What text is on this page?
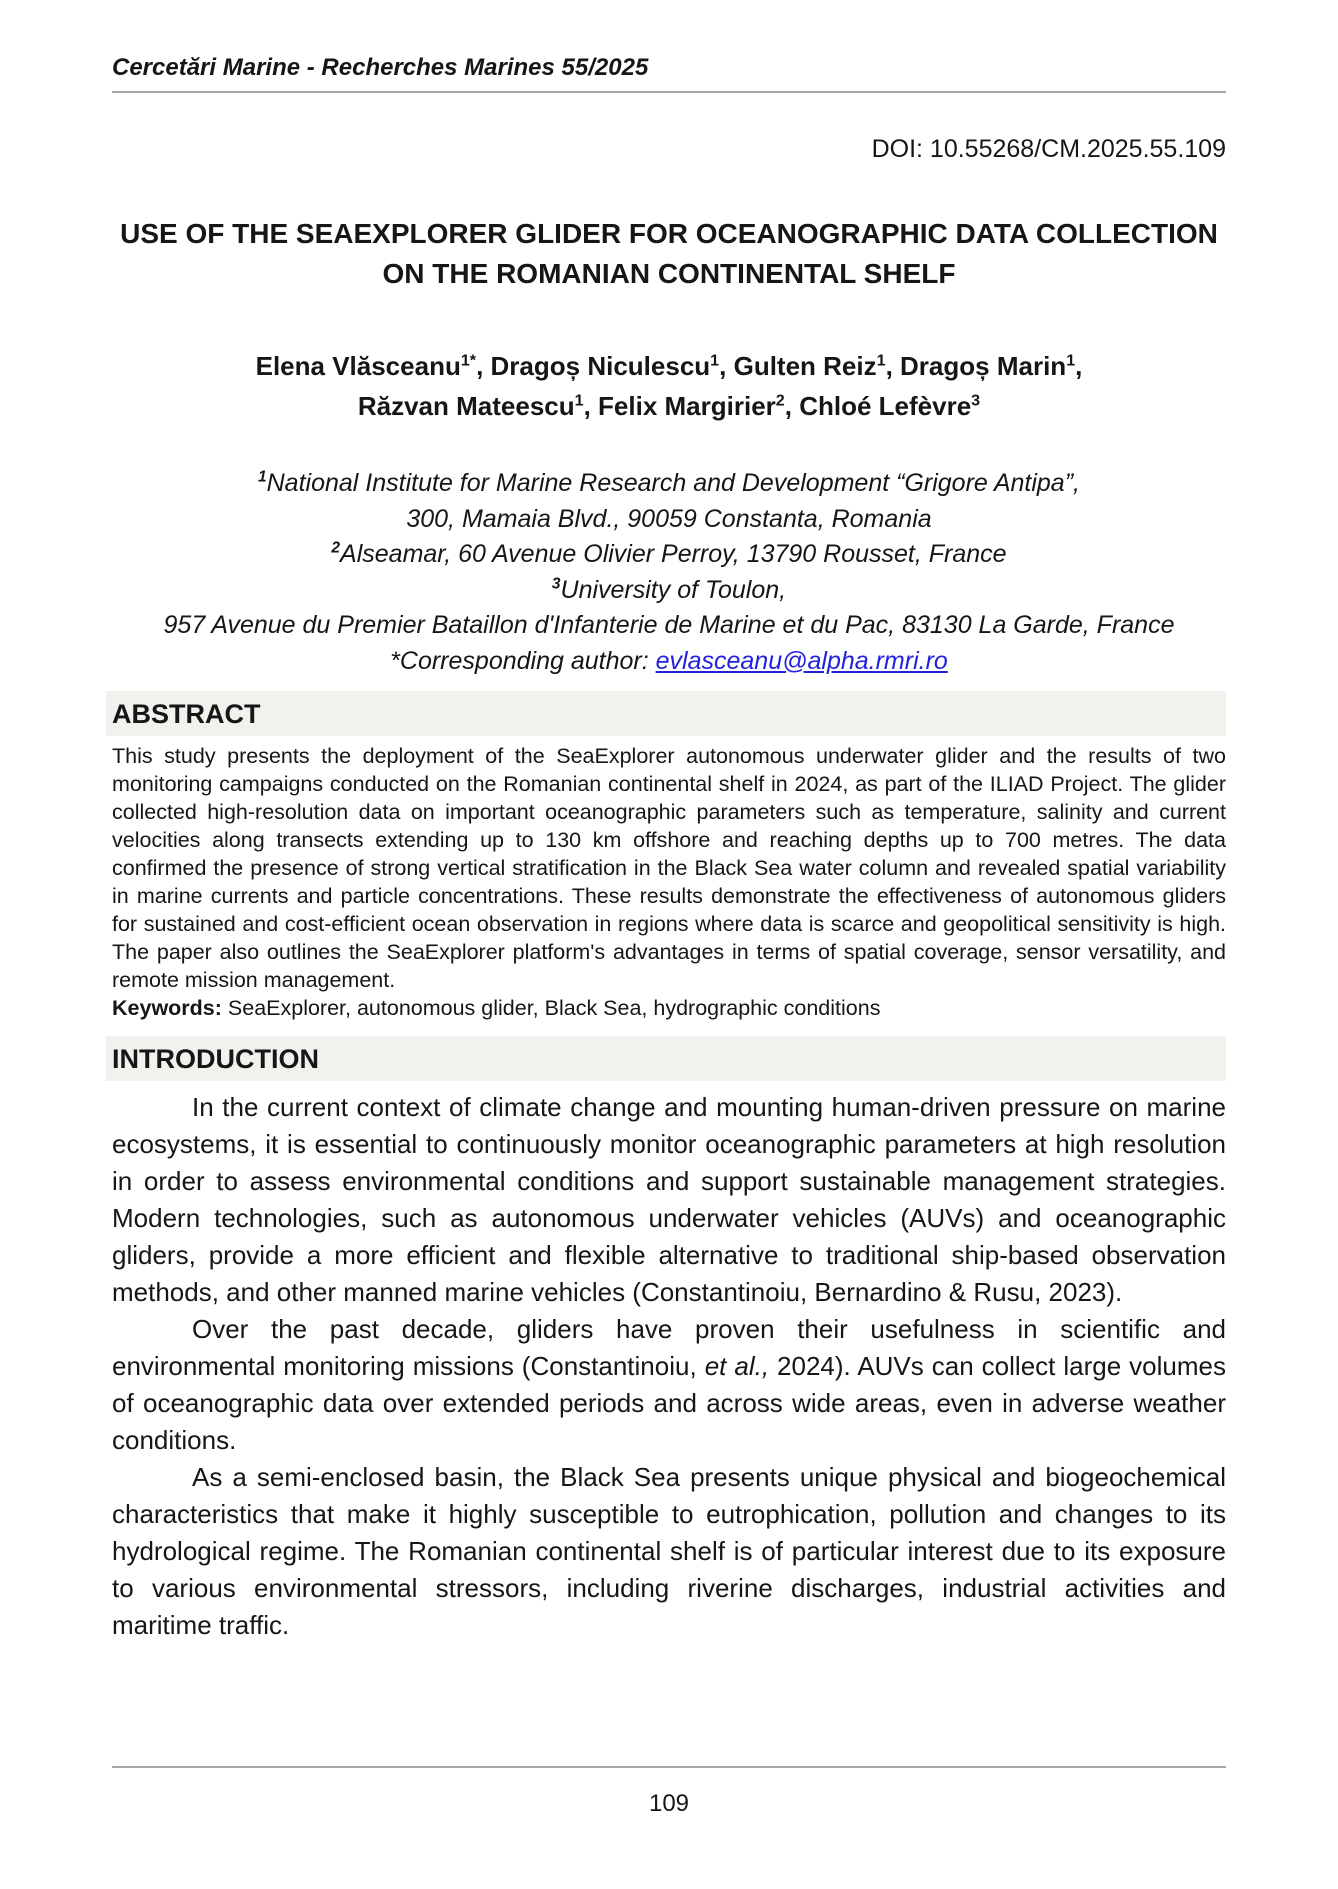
Cercetări Marine - Recherches Marines 55/2025
DOI: 10.55268/CM.2025.55.109
USE OF THE SEAEXPLORER GLIDER FOR OCEANOGRAPHIC DATA COLLECTION
ON THE ROMANIAN CONTINENTAL SHELF
Elena Vlăsceanu$^{1*}$, Dragoș Niculescu$^1$, Gulten Reiz$^1$, Dragoș Marin$^1$,
Răzvan Mateescu$^1$, Felix Margirier$^2$, Chloé Lefèvre$^3$
$^1$National Institute for Marine Research and Development “Grigore Antipa”,
300, Mamaia Blvd., 90059 Constanta, Romania
$^2$Alseamar, 60 Avenue Olivier Perroy, 13790 Rousset, France
$^3$University of Toulon,
957 Avenue du Premier Bataillon d'Infanterie de Marine et du Pac, 83130 La Garde, France
*Corresponding author: evlasceanu@alpha.rmri.ro
ABSTRACT
This study presents the deployment of the SeaExplorer autonomous underwater glider and the results of two monitoring campaigns conducted on the Romanian continental shelf in 2024, as part of the ILIAD Project. The glider collected high-resolution data on important oceanographic parameters such as temperature, salinity and current velocities along transects extending up to 130 km offshore and reaching depths up to 700 metres. The data confirmed the presence of strong vertical stratification in the Black Sea water column and revealed spatial variability in marine currents and particle concentrations. These results demonstrate the effectiveness of autonomous gliders for sustained and cost-efficient ocean observation in regions where data is scarce and geopolitical sensitivity is high. The paper also outlines the SeaExplorer platform's advantages in terms of spatial coverage, sensor versatility, and remote mission management.
Keywords: SeaExplorer, autonomous glider, Black Sea, hydrographic conditions
INTRODUCTION

In the current context of climate change and mounting human-driven pressure on marine ecosystems, it is essential to continuously monitor oceanographic parameters at high resolution in order to assess environmental conditions and support sustainable management strategies. Modern technologies, such as autonomous underwater vehicles (AUVs) and oceanographic gliders, provide a more efficient and flexible alternative to traditional ship-based observation methods, and other manned marine vehicles (Constantinoiu, Bernardino & Rusu, 2023).

Over the past decade, gliders have proven their usefulness in scientific and environmental monitoring missions (Constantinoiu, et al., 2024). AUVs can collect large volumes of oceanographic data over extended periods and across wide areas, even in adverse weather conditions.

As a semi-enclosed basin, the Black Sea presents unique physical and biogeochemical characteristics that make it highly susceptible to eutrophication, pollution and changes to its hydrological regime. The Romanian continental shelf is of particular interest due to its exposure to various environmental stressors, including riverine discharges, industrial activities and maritime traffic.

109
